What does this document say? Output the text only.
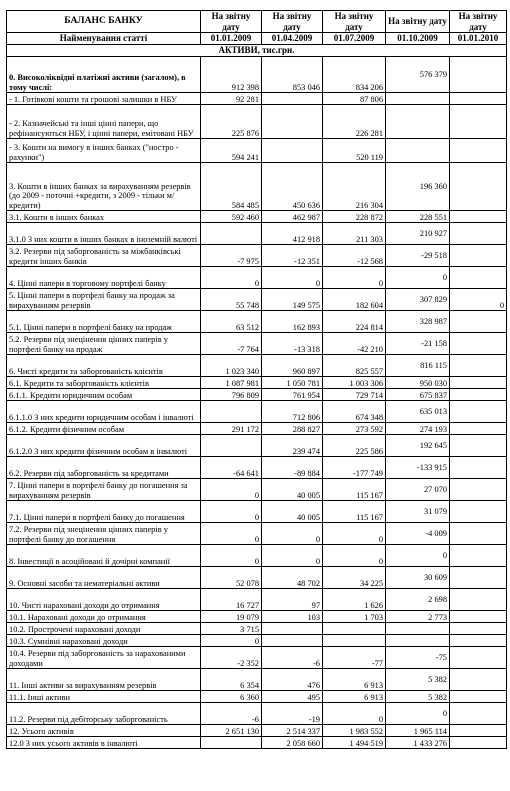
БАЛАНС БАНКУ	На звітну дату	На звітну дату	На звітну дату	На звітну дату	На звітну дату
Найменування статті	01.01.2009	01.04.2009	01.07.2009	01.10.2009	01.01.2010
АКТИВИ, тис.грн.					
0. Високоліквідні платіжні активи (загалом), в тому числі:	912 398	853 046	834 206	576 379	
- 1. Готівкові кошти та грошові залишки в НБУ	92 281		87 806		
- 2. Казначейські та інші цінні папери, що рефінансуються НБУ, і цінні папери, емітовані НБУ	225 876		226 281		
- 3. Кошти на вимогу в інших банках ("ностро - рахунки")	594 241		520 119		
3. Кошти в інших банках за вирахуванням резервів (до 2009 - поточні +кредити, з 2009 - тільки м/кредити)	584 485	450 636	216 304	196 360	
3.1. Кошти в інших банках	592 460	462 987	228 872	228 551	
3.1.0 З них кошти в інших банках в іноземній валюті		412 918	211 303	210 927	
3.2. Резерви під заборгованість за міжбанківські кредити інших банків	-7 975	-12 351	-12 568	-29 518	
4. Цінні папери в торговому портфелі банку	0	0	0	0	
5. Цінні папери в портфелі банку на продаж за вирахуванням резервів	55 748	149 575	182 604	307 829	0
5.1. Цінні папери в портфелі банку на продаж	63 512	162 893	224 814	328 987	
5.2. Резерви під знецінення цінних паперів у портфелі банку на продаж	-7 764	-13 318	-42 210	-21 158	
6. Чисті кредити та заборгованість клієнтів	1 023 340	960 897	825 557	816 115	
6.1. Кредити та заборгованість клієнтів	1 087 981	1 050 781	1 003 306	950 030	
6.1.1. Кредити юридичним особам	796 809	761 954	729 714	675 837	
6.1.1.0 З них кредити юридичним особам і інвалюті		712 806	674 348	635 013	
6.1.2. Кредити фізичним особам	291 172	288 827	273 592	274 193	
6.1.2.0 З них кредити фізичним особам в інвалюті		239 474	225 586	192 645	
6.2. Резерви під заборгованість за кредитами	-64 641	-89 884	-177 749	-133 915	
7. Цінні папери в портфелі банку до погашення за вирахуванням резервів	0	40 005	115 167	27 070	
7.1. Цінні папери в портфелі банку до погашення	0	40 005	115 167	31 079	
7.2. Резерви під знецінення цінних паперів у портфелі банку до погашення	0	0	0	-4 009	
8. Інвестиції в асоційовані й дочірні компанії	0	0	0	0	
9. Основні засоби та нематеріальні активи	52 078	48 702	34 225	30 609	
10. Чисті нараховані доходи до отримання	16 727	97	1 626	2 698	
10.1. Нараховані доходи до отримання	19 079	103	1 703	2 773	
10.2. Прострочені нараховані доходи	3 715				
10.3. Сумнівні нараховані доходи	0				
10.4. Резерви під заборгованість за нарахованими доходами	-2 352	-6	-77	-75	
11. Інші активи за вирахуванням резервів	6 354	476	6 913	5 382	
11.1. Інші активи	6 360	495	6 913	5 382	
11.2. Резерви під дебіторську заборгованість	-6	-19	0	0	
12. Усього активів	2 651 130	2 514 337	1 983 552	1 965 114	
12.0 З них усього активів в інвалюті		2 058 660	1 494 519	1 433 276	
